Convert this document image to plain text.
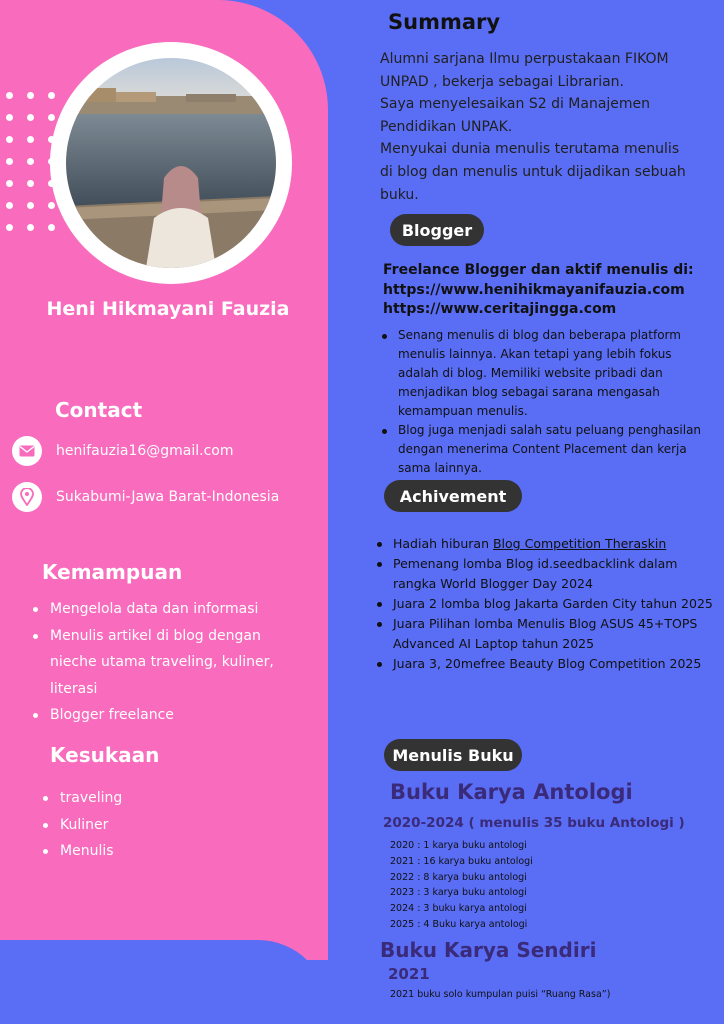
Heni Hikmayani Fauzia
Contact
henifauzia16@gmail.com
Sukabumi-Jawa Barat-Indonesia
Kemampuan
Mengelola data dan informasi
Menulis artikel di blog dengan
nieche utama traveling, kuliner,
literasi
Blogger freelance
Kesukaan
traveling
Kuliner
Menulis
Summary
Alumni sarjana Ilmu perpustakaan FIKOM
UNPAD , bekerja sebagai Librarian.
Saya menyelesaikan S2 di Manajemen
Pendidikan UNPAK.
Menyukai dunia menulis terutama menulis
di blog dan menulis untuk dijadikan sebuah
buku.
Blogger
Freelance Blogger dan aktif menulis di:
https://www.henihikmayanifauzia.com
https://www.ceritajingga.com
Senang menulis di blog dan beberapa platform menulis lainnya. Akan tetapi yang lebih fokus adalah di blog. Memiliki website pribadi dan menjadikan blog sebagai sarana mengasah kemampuan menulis.
Blog juga menjadi salah satu peluang penghasilan dengan menerima Content Placement dan kerja sama lainnya.
Achivement
Hadiah hiburan Blog Competition Theraskin
Pemenang lomba Blog id.seedbacklink dalam rangka World Blogger Day 2024
Juara 2 lomba blog Jakarta Garden City tahun 2025
Juara Pilihan lomba Menulis Blog ASUS 45+TOPS Advanced AI Laptop tahun 2025
Juara 3, 20mefree Beauty Blog Competition 2025
Menulis Buku
Buku Karya Antologi
2020-2024 ( menulis 35 buku Antologi )
2020 : 1 karya buku antologi
2021 : 16 karya buku antologi
2022 : 8 karya buku antologi
2023 : 3 karya buku antologi
2024 : 3 buku karya antologi
2025 : 4 Buku karya antologi
Buku Karya Sendiri
2021
2021 buku solo kumpulan puisi “Ruang Rasa”)
